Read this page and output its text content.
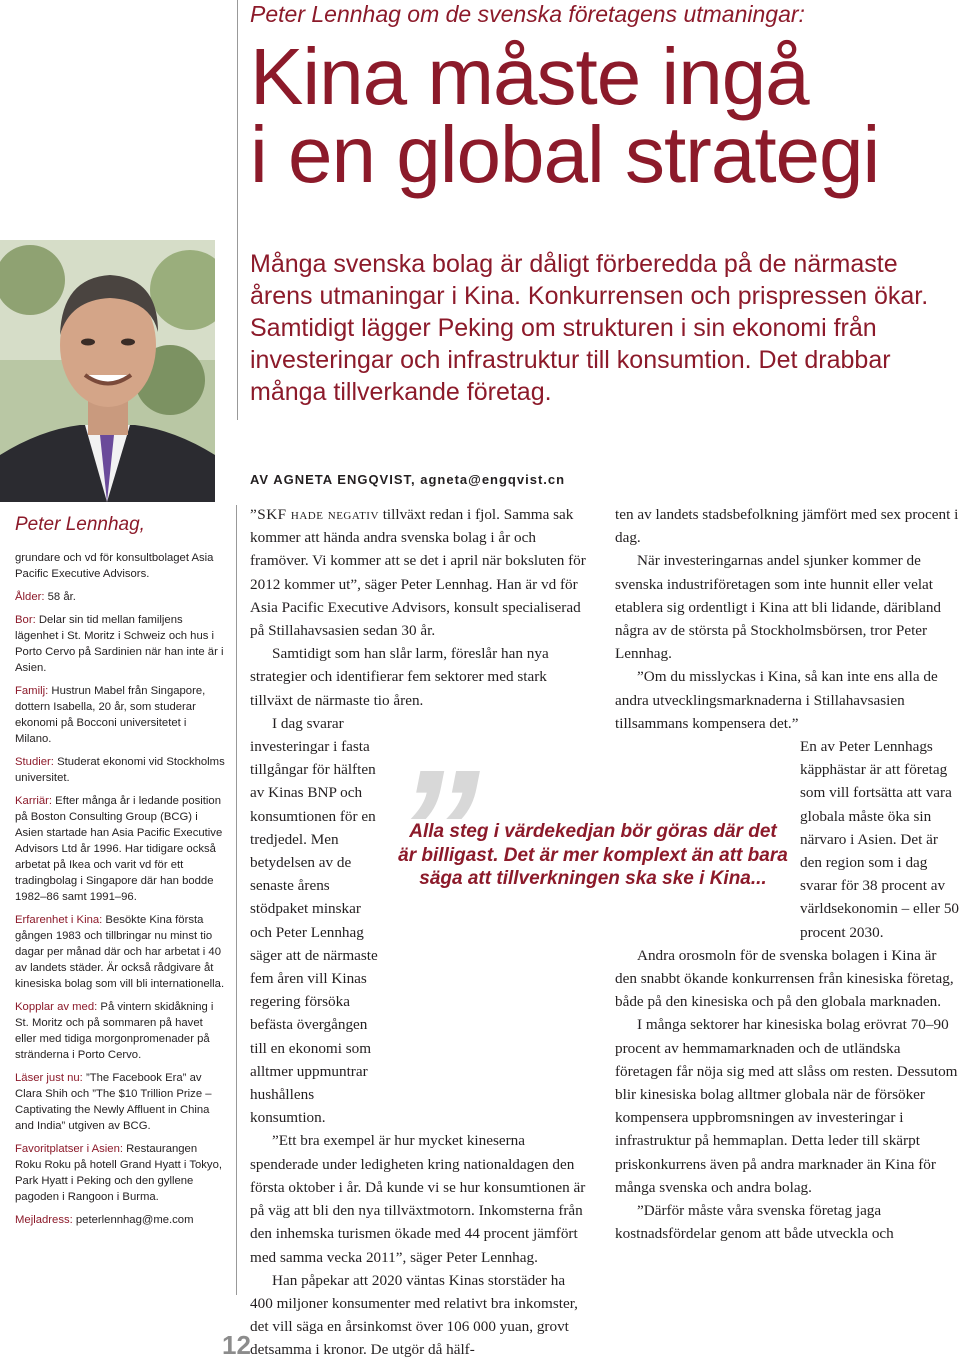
Peter Lennhag om de svenska företagens utmaningar:
Kina måste ingå
i en global strategi
Många svenska bolag är dåligt förberedda på de närmaste årens utmaningar i Kina. Konkurrensen och prispressen ökar. Samtidigt lägger Peking om strukturen i sin ekonomi från investeringar och infrastruktur till konsumtion. Det drabbar många tillverkande företag.
AV AGNETA ENGQVIST, agneta@engqvist.cn
Peter Lennhag,

grundare och vd för konsultbolaget Asia Pacific Executive Advisors.

Ålder: 58 år.

Bor: Delar sin tid mellan familjens lägenhet i St. Moritz i Schweiz och hus i Porto Cervo på Sardinien när han inte är i Asien.

Familj: Hustrun Mabel från Singapore, dottern Isabella, 20 år, som studerar ekonomi på Bocconi universitetet i Milano.

Studier: Studerat ekonomi vid Stockholms universitet.

Karriär: Efter många år i ledande position på Boston Consulting Group (BCG) i Asien startade han Asia Pacific Executive Advisors Ltd år 1996. Har tidigare också arbetat på Ikea och varit vd för ett tradingbolag i Singapore där han bodde 1982–86 samt 1991–96.

Erfarenhet i Kina: Besökte Kina första gången 1983 och tillbringar nu minst tio dagar per månad där och har arbetat i 40 av landets städer. Är också rådgivare åt kinesiska bolag som vill bli internationella.

Kopplar av med: På vintern skidåkning i St. Moritz och på sommaren på havet eller med tidiga morgonpromenader på stränderna i Porto Cervo.

Läser just nu: ”The Facebook Era” av Clara Shih och ”The $10 Trillion Prize – Captivating the Newly Affluent in China and India” utgiven av BCG.

Favoritplatser i Asien: Restaurangen Roku Roku på hotell Grand Hyatt i Tokyo, Park Hyatt i Peking och den gyllene pagoden i Rangoon i Burma.

Mejladress: peterlennhag@me.com

”SKF hade negativ tillväxt redan i fjol. Samma sak kommer att hända andra svenska bolag i år och framöver. Vi kommer att se det i april när boksluten för 2012 kommer ut”, säger Peter Lennhag. Han är vd för Asia Pacific Executive Advisors, konsult specialiserad på Stillahavsasien sedan 30 år.

Samtidigt som han slår larm, föreslår han nya strategier och identifierar fem sektorer med stark tillväxt de närmaste tio åren.

I dag svarar investeringar i fasta tillgångar för hälften av Kinas BNP och konsumtionen för en tredjedel. Men betydelsen av de senaste årens stödpaket minskar och Peter Lennhag säger att de närmaste fem åren vill Kinas regering försöka befästa övergången till en ekonomi som alltmer uppmuntrar hushållens konsumtion.

”Ett bra exempel är hur mycket kineserna spenderade under ledigheten kring nationaldagen den första oktober i år. Då kunde vi se hur konsumtionen är på väg att bli den nya tillväxtmotorn. Inkomsterna från den inhemska turismen ökade med 44 procent jämfört med samma vecka 2011”, säger Peter Lennhag.

Han påpekar att 2020 väntas Kinas storstäder ha 400 miljoner konsumenter med relativt bra inkomster, det vill säga en årsinkomst över 106 000 yuan, grovt detsamma i kronor. De utgör då hälf-

ten av landets stadsbefolkning jämfört med sex procent i dag.

När investeringarnas andel sjunker kommer de svenska industriföretagen som inte hunnit eller velat etablera sig ordentligt i Kina att bli lidande, däribland några av de största på Stockholmsbörsen, tror Peter Lennhag.

”Om du misslyckas i Kina, så kan inte ens alla de andra utvecklingsmarknaderna i Stillahavsasien tillsammans kompensera det.”

En av Peter Lennhags käpphästar är att företag som vill fortsätta att vara globala måste öka sin närvaro i Asien. Det är den region som i dag svarar för 38 procent av världsekonomin – eller 50 procent 2030.

Andra orosmoln för de svenska bolagen i Kina är den snabbt ökande konkurrensen från kinesiska företag, både på den kinesiska och på den globala marknaden.

I många sektorer har kinesiska bolag erövrat 70–90 procent av hemmamarknaden och de utländska företagen får nöja sig med att slåss om resten. Dessutom blir kinesiska bolag alltmer globala när de försöker kompensera uppbromsningen av investeringar i infrastruktur på hemmaplan. Detta leder till skärpt priskonkurrens även på andra marknader än Kina för många svenska och andra bolag.

”Därför måste våra svenska företag jaga kostnadsfördelar genom att både utveckla och

”
Alla steg i värdekedjan bör göras där det är billigast. Det är mer komplext än att bara säga att tillverkningen ska ske i Kina...
12
